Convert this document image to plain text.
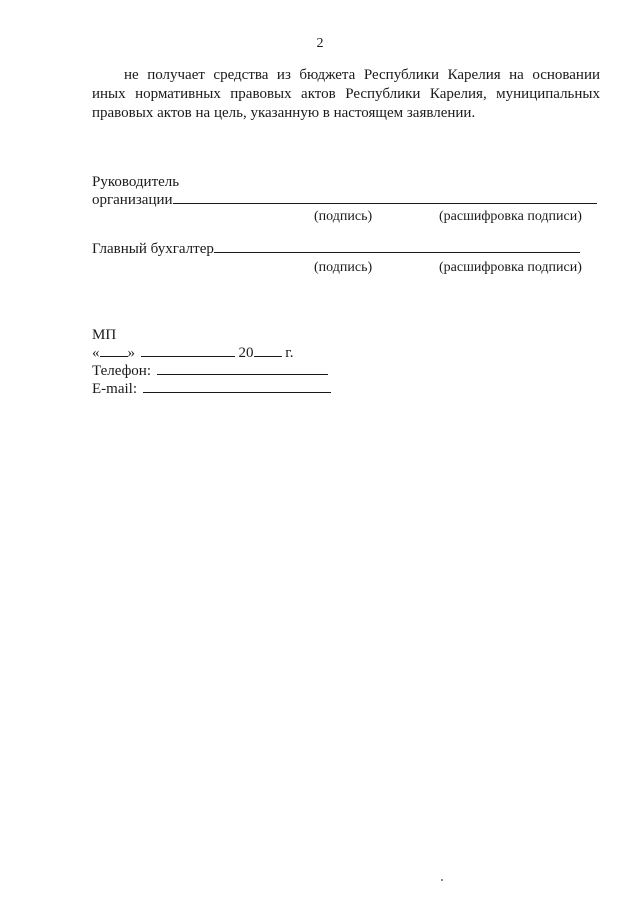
2
не получает средства из бюджета Республики Карелия на основании
иных нормативных правовых актов Республики Карелия, муниципальных
правовых актов на цель, указанную в настоящем заявлении.
Руководитель
организации
(подпись)	(расшифровка подписи)
Главный бухгалтер
(подпись)	(расшифровка подписи)
МП
« »	20 г.
Телефон:
E-mail:
